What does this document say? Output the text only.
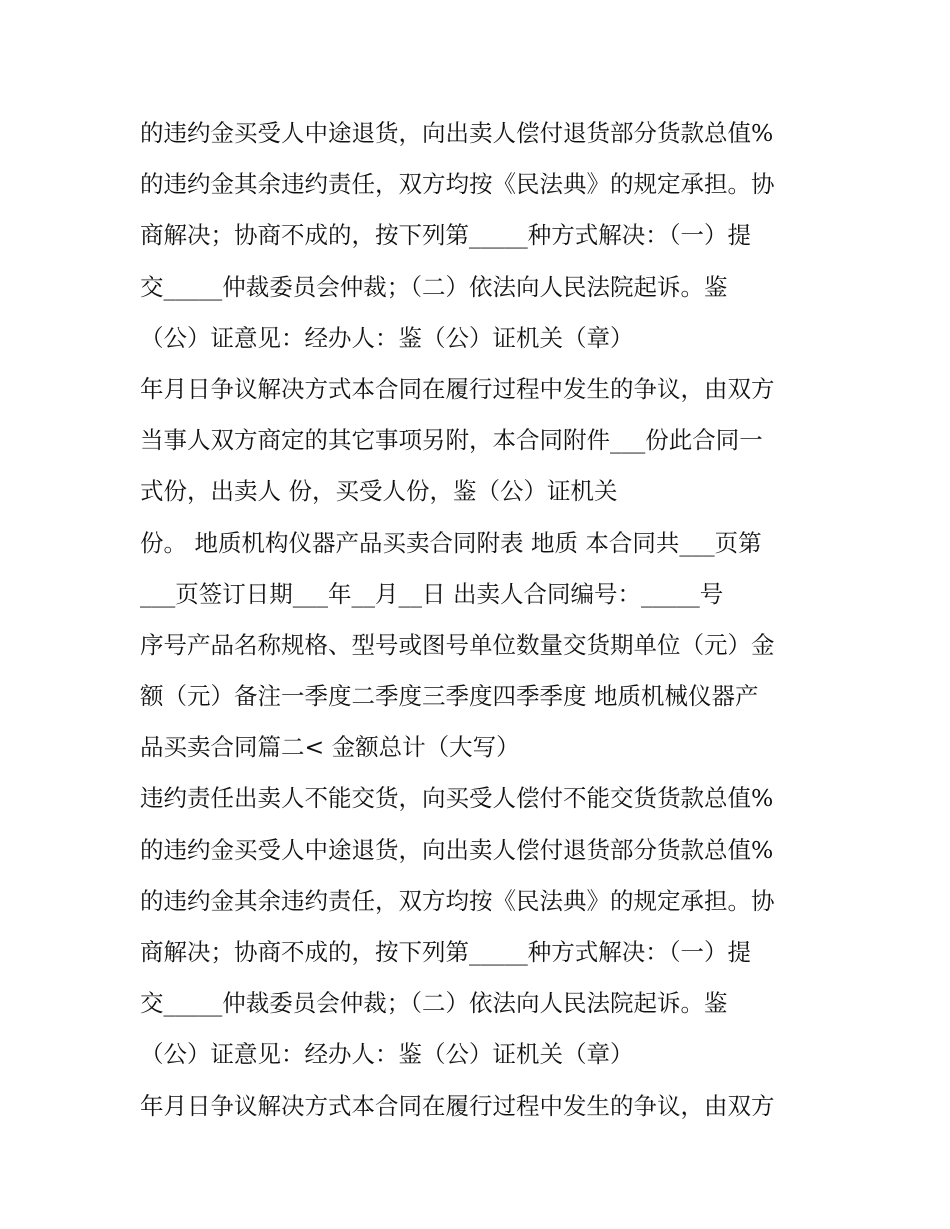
的违约金买受人中途退货，向出卖人偿付退货部分货款总值%
的违约金其余违约责任，双方均按《民法典》的规定承担。协
商解决；协商不成的，按下列第_____种方式解决：（一）提
交_____仲裁委员会仲裁；（二）依法向人民法院起诉。鉴
（公）证意见：经办人：鉴（公）证机关（章）
年月日争议解决方式本合同在履行过程中发生的争议，由双方
当事人双方商定的其它事项另附，本合同附件___份此合同一
式份，出卖人 份，买受人份，鉴（公）证机关
份。 地质机构仪器产品买卖合同附表 地质 本合同共___页第
___页签订日期___年__月__日 出卖人合同编号：_____号
序号产品名称规格、型号或图号单位数量交货期单位（元）金
额（元）备注一季度二季度三季度四季季度 地质机械仪器产
品买卖合同篇二< 金额总计（大写）
违约责任出卖人不能交货，向买受人偿付不能交货货款总值%
的违约金买受人中途退货，向出卖人偿付退货部分货款总值%
的违约金其余违约责任，双方均按《民法典》的规定承担。协
商解决；协商不成的，按下列第_____种方式解决：（一）提
交_____仲裁委员会仲裁；（二）依法向人民法院起诉。鉴
（公）证意见：经办人：鉴（公）证机关（章）
年月日争议解决方式本合同在履行过程中发生的争议，由双方
